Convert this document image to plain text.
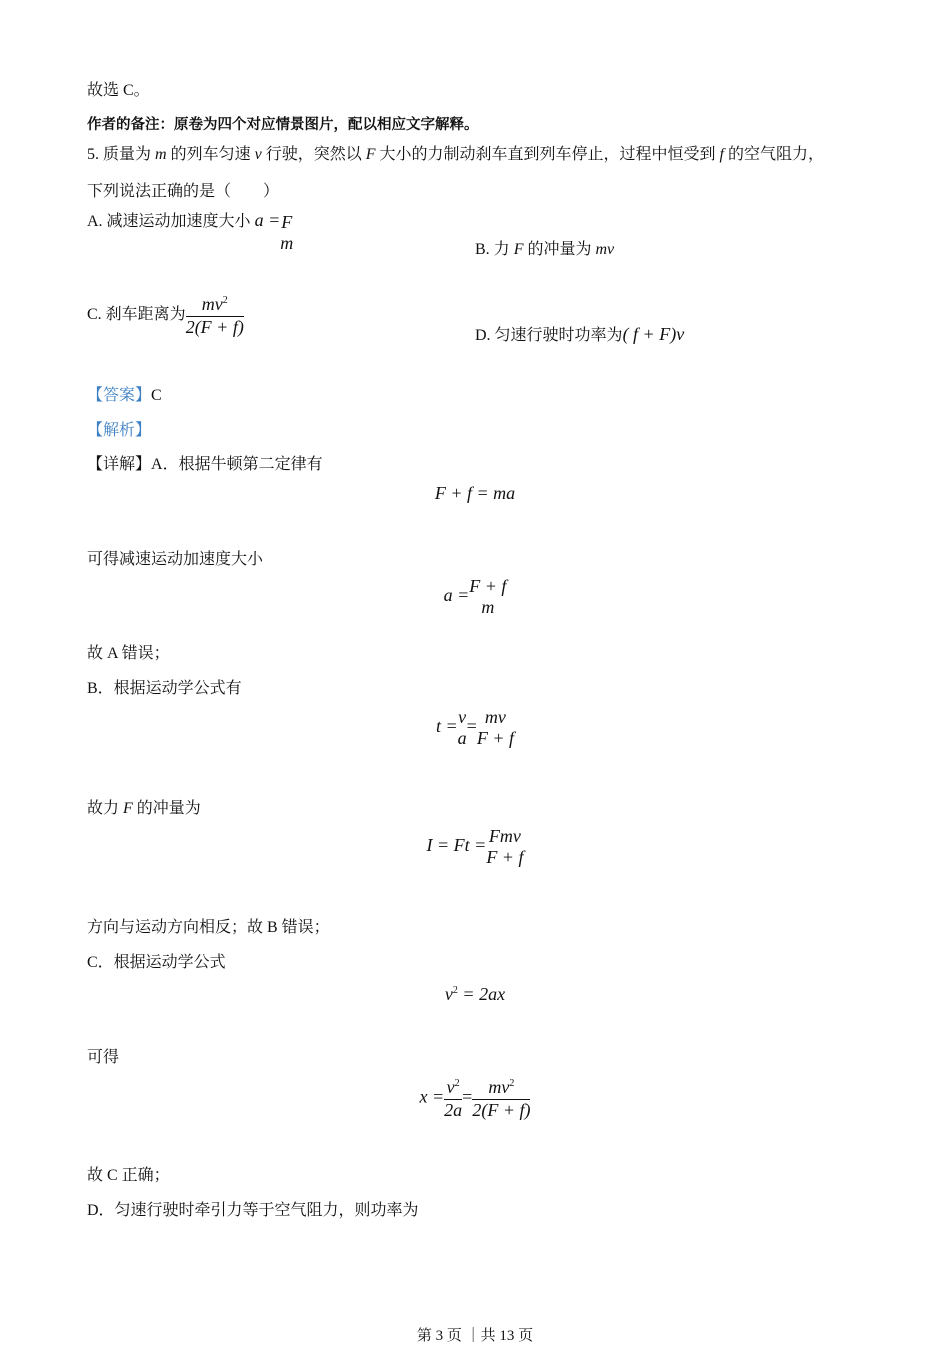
故选 C。
作者的备注：原卷为四个对应情景图片，配以相应文字解释。
5. 质量为 m 的列车匀速 v 行驶，突然以 F 大小的力制动刹车直到列车停止，过程中恒受到 f 的空气阻力，
下列说法正确的是（　　）
A. 减速运动加速度大小 a = F
m	B. 力 F 的冲量为 mv
C. 刹车距离为 $\frac{mv^2}{2(F + f)}$	D. 匀速行驶时功率为( f + F)v
【答案】C
【解析】
【详解】A．根据牛顿第二定律有
F + f = ma
可得减速运动加速度大小
a = F + f
m
故 A 错误；
B．根据运动学公式有
t = v
a
= mv
F + f
故力 F 的冲量为
I = Ft = Fmv
F + f
方向与运动方向相反；故 B 错误；
C．根据运动学公式
$v^2 = 2ax$
可得
$x = \frac{v^2}{2a} = \frac{mv^2}{2(F + f)}$
故 C 正确；
D．匀速行驶时牵引力等于空气阻力，则功率为
第 3 页 ｜共 13 页
